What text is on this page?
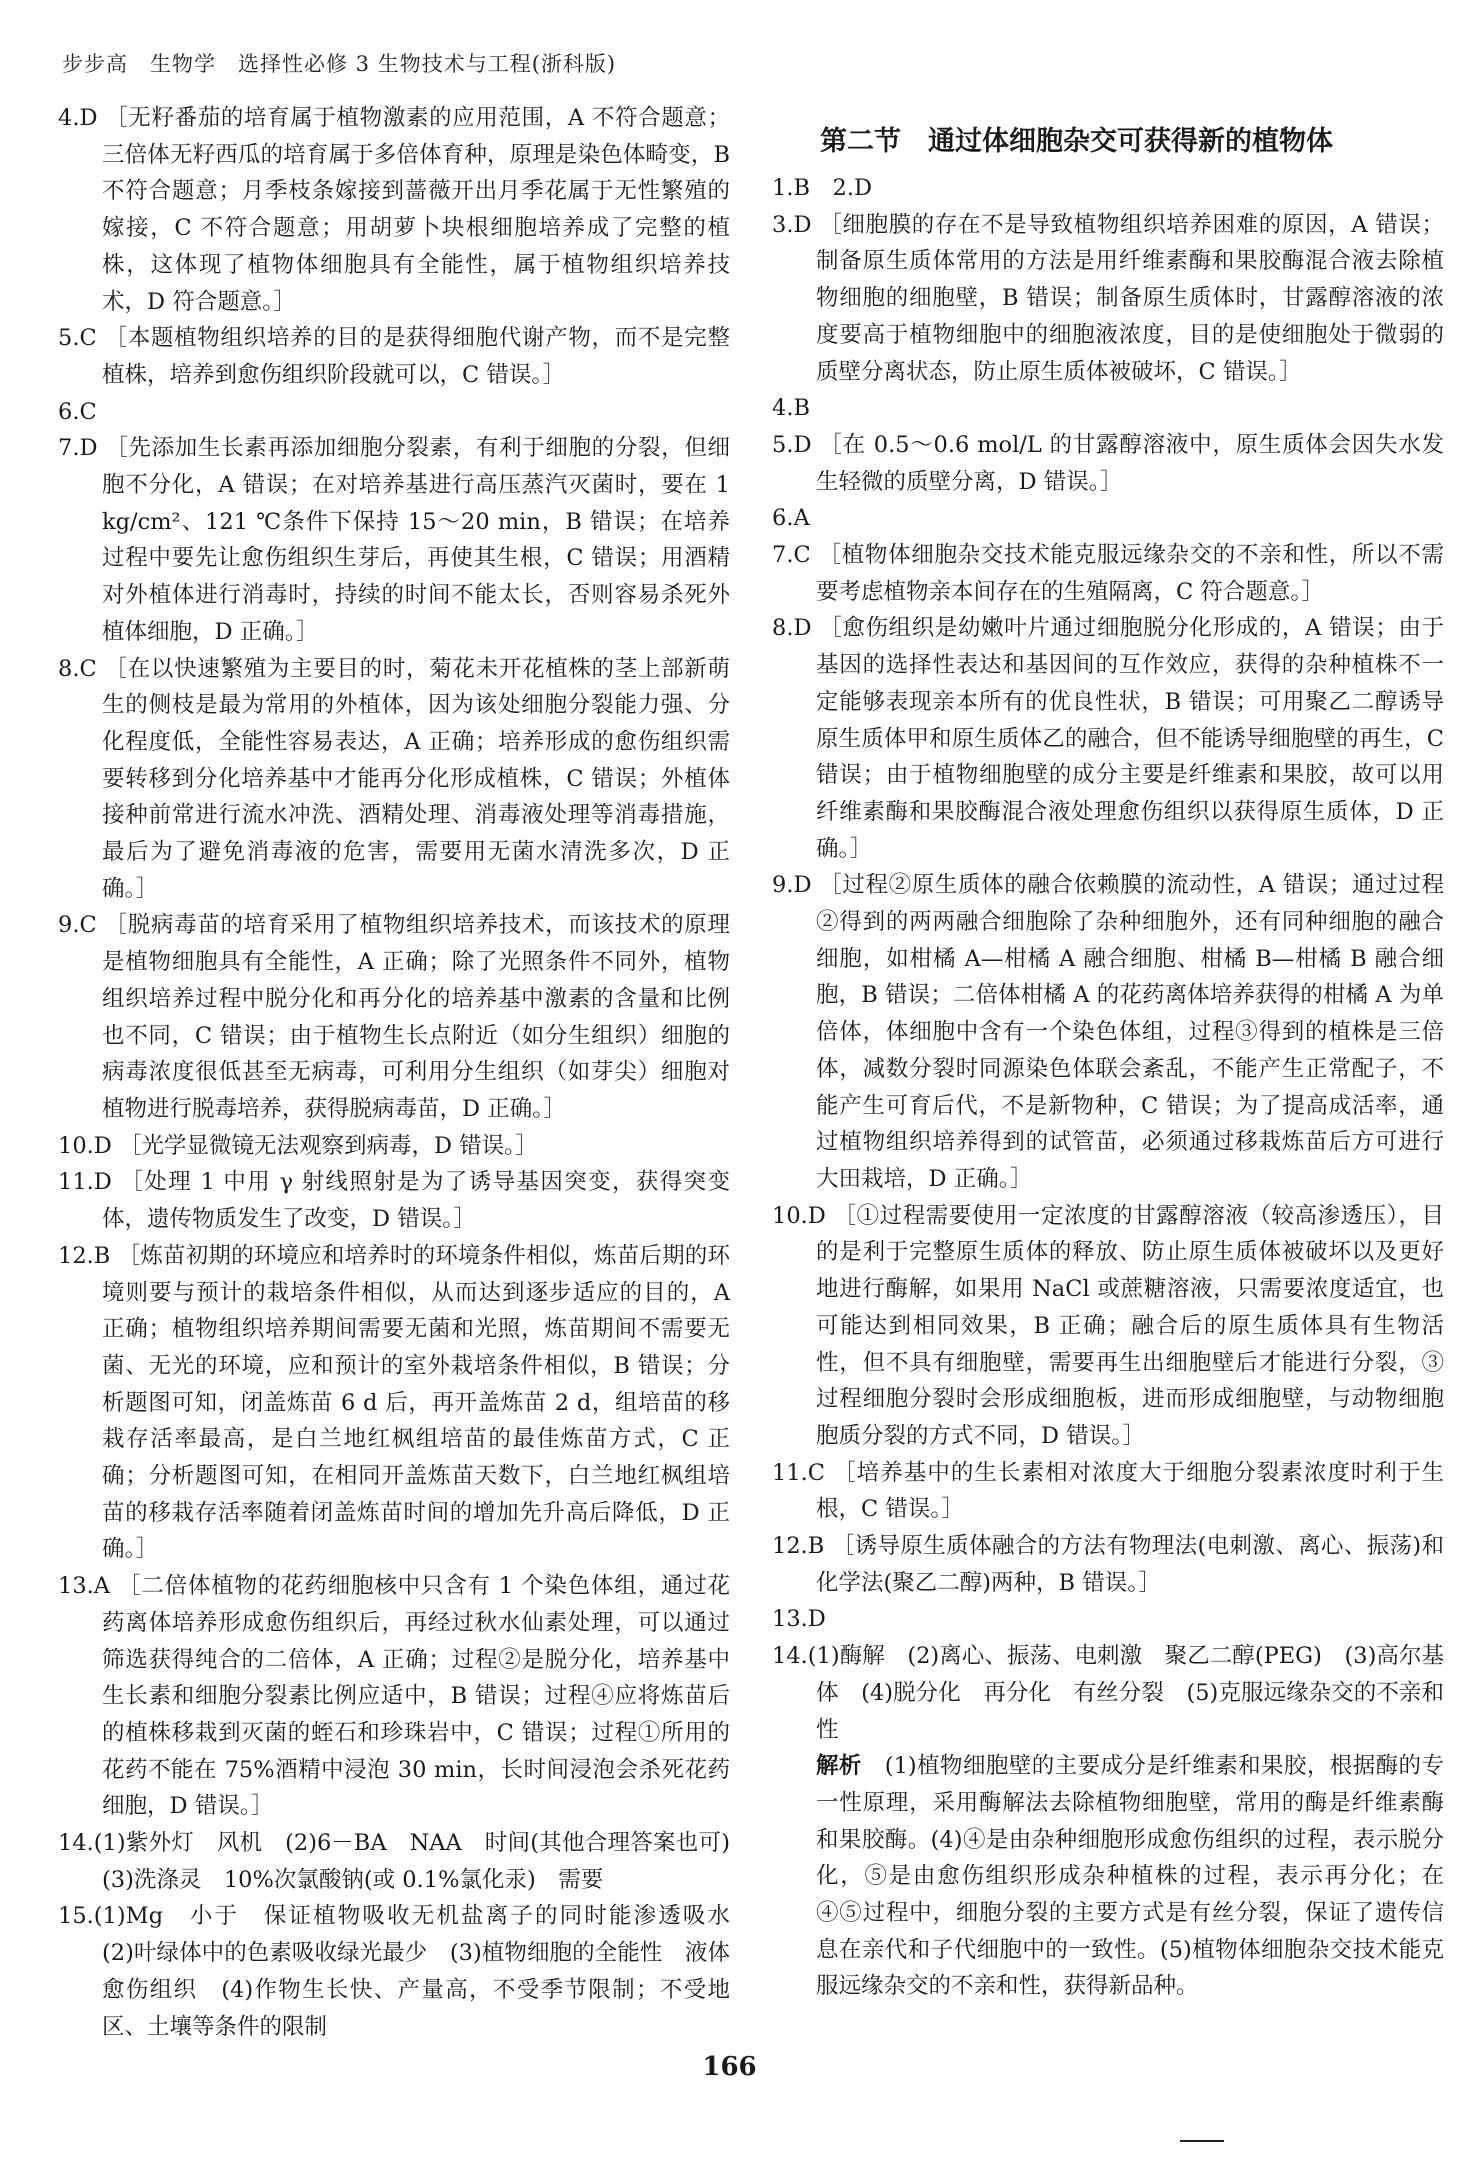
步步高　生物学　选择性必修 3 生物技术与工程(浙科版)

4.D ［无籽番茄的培育属于植物激素的应用范围，A 不符合题意；三倍体无籽西瓜的培育属于多倍体育种，原理是染色体畸变，B 不符合题意；月季枝条嫁接到蔷薇开出月季花属于无性繁殖的嫁接，C 不符合题意；用胡萝卜块根细胞培养成了完整的植株，这体现了植物体细胞具有全能性，属于植物组织培养技术，D 符合题意。］

5.C ［本题植物组织培养的目的是获得细胞代谢产物，而不是完整植株，培养到愈伤组织阶段就可以，C 错误。］

6.C

7.D ［先添加生长素再添加细胞分裂素，有利于细胞的分裂，但细胞不分化，A 错误；在对培养基进行高压蒸汽灭菌时，要在 1 kg/cm²、121 ℃条件下保持 15～20 min，B 错误；在培养过程中要先让愈伤组织生芽后，再使其生根，C 错误；用酒精对外植体进行消毒时，持续的时间不能太长，否则容易杀死外植体细胞，D 正确。］

8.C ［在以快速繁殖为主要目的时，菊花未开花植株的茎上部新萌生的侧枝是最为常用的外植体，因为该处细胞分裂能力强、分化程度低，全能性容易表达，A 正确；培养形成的愈伤组织需要转移到分化培养基中才能再分化形成植株，C 错误；外植体接种前常进行流水冲洗、酒精处理、消毒液处理等消毒措施，最后为了避免消毒液的危害，需要用无菌水清洗多次，D 正确。］

9.C ［脱病毒苗的培育采用了植物组织培养技术，而该技术的原理是植物细胞具有全能性，A 正确；除了光照条件不同外，植物组织培养过程中脱分化和再分化的培养基中激素的含量和比例也不同，C 错误；由于植物生长点附近（如分生组织）细胞的病毒浓度很低甚至无病毒，可利用分生组织（如芽尖）细胞对植物进行脱毒培养，获得脱病毒苗，D 正确。］

10.D ［光学显微镜无法观察到病毒，D 错误。］

11.D ［处理 1 中用 γ 射线照射是为了诱导基因突变，获得突变体，遗传物质发生了改变，D 错误。］

12.B ［炼苗初期的环境应和培养时的环境条件相似，炼苗后期的环境则要与预计的栽培条件相似，从而达到逐步适应的目的，A 正确；植物组织培养期间需要无菌和光照，炼苗期间不需要无菌、无光的环境，应和预计的室外栽培条件相似，B 错误；分析题图可知，闭盖炼苗 6 d 后，再开盖炼苗 2 d，组培苗的移栽存活率最高，是白兰地红枫组培苗的最佳炼苗方式，C 正确；分析题图可知，在相同开盖炼苗天数下，白兰地红枫组培苗的移栽存活率随着闭盖炼苗时间的增加先升高后降低，D 正确。］

13.A ［二倍体植物的花药细胞核中只含有 1 个染色体组，通过花药离体培养形成愈伤组织后，再经过秋水仙素处理，可以通过筛选获得纯合的二倍体，A 正确；过程②是脱分化，培养基中生长素和细胞分裂素比例应适中，B 错误；过程④应将炼苗后的植株移栽到灭菌的蛭石和珍珠岩中，C 错误；过程①所用的花药不能在 75%酒精中浸泡 30 min，长时间浸泡会杀死花药细胞，D 错误。］

14.(1)紫外灯　风机　(2)6－BA　NAA　时间(其他合理答案也可)　(3)洗涤灵　10%次氯酸钠(或 0.1%氯化汞)　需要

15.(1)Mg　小于　保证植物吸收无机盐离子的同时能渗透吸水　(2)叶绿体中的色素吸收绿光最少　(3)植物细胞的全能性　液体　愈伤组织　(4)作物生长快、产量高，不受季节限制；不受地区、土壤等条件的限制

第二节　通过体细胞杂交可获得新的植物体

1.B　2.D

3.D ［细胞膜的存在不是导致植物组织培养困难的原因，A 错误；制备原生质体常用的方法是用纤维素酶和果胶酶混合液去除植物细胞的细胞壁，B 错误；制备原生质体时，甘露醇溶液的浓度要高于植物细胞中的细胞液浓度，目的是使细胞处于微弱的质壁分离状态，防止原生质体被破坏，C 错误。］

4.B

5.D ［在 0.5～0.6 mol/L 的甘露醇溶液中，原生质体会因失水发生轻微的质壁分离，D 错误。］

6.A

7.C ［植物体细胞杂交技术能克服远缘杂交的不亲和性，所以不需要考虑植物亲本间存在的生殖隔离，C 符合题意。］

8.D ［愈伤组织是幼嫩叶片通过细胞脱分化形成的，A 错误；由于基因的选择性表达和基因间的互作效应，获得的杂种植株不一定能够表现亲本所有的优良性状，B 错误；可用聚乙二醇诱导原生质体甲和原生质体乙的融合，但不能诱导细胞壁的再生，C 错误；由于植物细胞壁的成分主要是纤维素和果胶，故可以用纤维素酶和果胶酶混合液处理愈伤组织以获得原生质体，D 正确。］

9.D ［过程②原生质体的融合依赖膜的流动性，A 错误；通过过程②得到的两两融合细胞除了杂种细胞外，还有同种细胞的融合细胞，如柑橘 A—柑橘 A 融合细胞、柑橘 B—柑橘 B 融合细胞，B 错误；二倍体柑橘 A 的花药离体培养获得的柑橘 A 为单倍体，体细胞中含有一个染色体组，过程③得到的植株是三倍体，减数分裂时同源染色体联会紊乱，不能产生正常配子，不能产生可育后代，不是新物种，C 错误；为了提高成活率，通过植物组织培养得到的试管苗，必须通过移栽炼苗后方可进行大田栽培，D 正确。］

10.D ［①过程需要使用一定浓度的甘露醇溶液（较高渗透压），目的是利于完整原生质体的释放、防止原生质体被破坏以及更好地进行酶解，如果用 NaCl 或蔗糖溶液，只需要浓度适宜，也可能达到相同效果，B 正确；融合后的原生质体具有生物活性，但不具有细胞壁，需要再生出细胞壁后才能进行分裂，③过程细胞分裂时会形成细胞板，进而形成细胞壁，与动物细胞胞质分裂的方式不同，D 错误。］

11.C ［培养基中的生长素相对浓度大于细胞分裂素浓度时利于生根，C 错误。］

12.B ［诱导原生质体融合的方法有物理法(电刺激、离心、振荡)和化学法(聚乙二醇)两种，B 错误。］

13.D

14.(1)酶解　(2)离心、振荡、电刺激　聚乙二醇(PEG)　(3)高尔基体　(4)脱分化　再分化　有丝分裂　(5)克服远缘杂交的不亲和性

解析　 (1)植物细胞壁的主要成分是纤维素和果胶，根据酶的专一性原理，采用酶解法去除植物细胞壁，常用的酶是纤维素酶和果胶酶。(4)④是由杂种细胞形成愈伤组织的过程，表示脱分化，⑤是由愈伤组织形成杂种植株的过程，表示再分化；在④⑤过程中，细胞分裂的主要方式是有丝分裂，保证了遗传信息在亲代和子代细胞中的一致性。(5)植物体细胞杂交技术能克服远缘杂交的不亲和性，获得新品种。

166
